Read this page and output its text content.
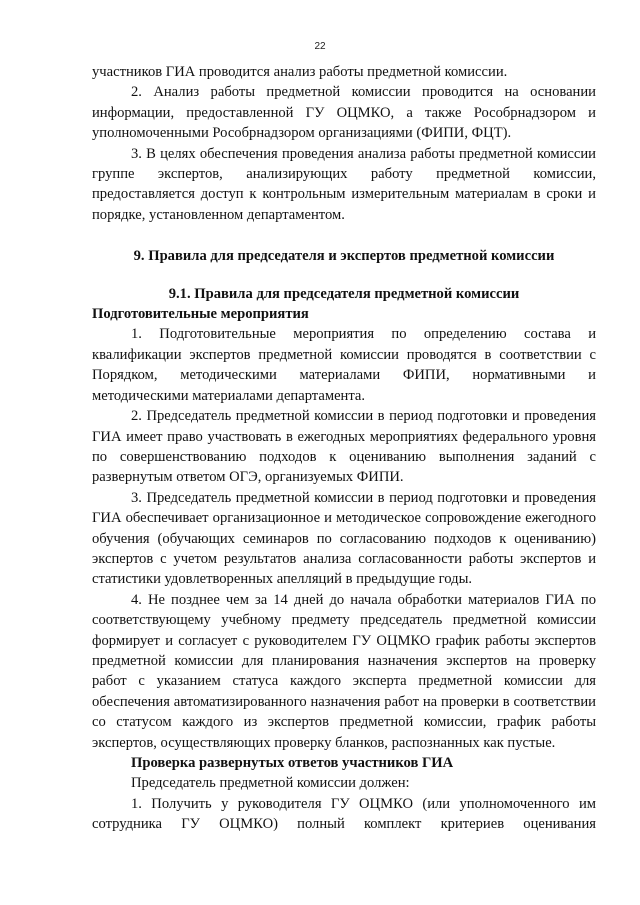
22

участников ГИА проводится анализ работы предметной комиссии.

2. Анализ работы предметной комиссии проводится на основании информации, предоставленной ГУ ОЦМКО, а также Рособрнадзором и уполномоченными Рособрнадзором организациями (ФИПИ, ФЦТ).

3. В целях обеспечения проведения анализа работы предметной комиссии группе экспертов, анализирующих работу предметной комиссии, предоставляется доступ к контрольным измерительным материалам в сроки и порядке, установленном департаментом.

9. Правила для председателя и экспертов предметной комиссии
9.1. Правила для председателя предметной комиссии
Подготовительные мероприятия

1. Подготовительные мероприятия по определению состава и квалификации экспертов предметной комиссии проводятся в соответствии с Порядком, методическими материалами ФИПИ, нормативными и методическими материалами департамента.

2. Председатель предметной комиссии в период подготовки и проведения ГИА имеет право участвовать в ежегодных мероприятиях федерального уровня по совершенствованию подходов к оцениванию выполнения заданий с развернутым ответом ОГЭ, организуемых ФИПИ.

3. Председатель предметной комиссии в период подготовки и проведения ГИА обеспечивает организационное и методическое сопровождение ежегодного обучения (обучающих семинаров по согласованию подходов к оцениванию) экспертов с учетом результатов анализа согласованности работы экспертов и статистики удовлетворенных апелляций в предыдущие годы.

4. Не позднее чем за 14 дней до начала обработки материалов ГИА по соответствующему учебному предмету председатель предметной комиссии формирует и согласует с руководителем ГУ ОЦМКО график работы экспертов предметной комиссии для планирования назначения экспертов на проверку работ с указанием статуса каждого эксперта предметной комиссии для обеспечения автоматизированного назначения работ на проверки в соответствии со статусом каждого из экспертов предметной комиссии, график работы экспертов, осуществляющих проверку бланков, распознанных как пустые.

Проверка развернутых ответов участников ГИА

Председатель предметной комиссии должен:

1. Получить у руководителя ГУ ОЦМКО (или уполномоченного им сотрудника ГУ ОЦМКО) полный комплект критериев оценивания
